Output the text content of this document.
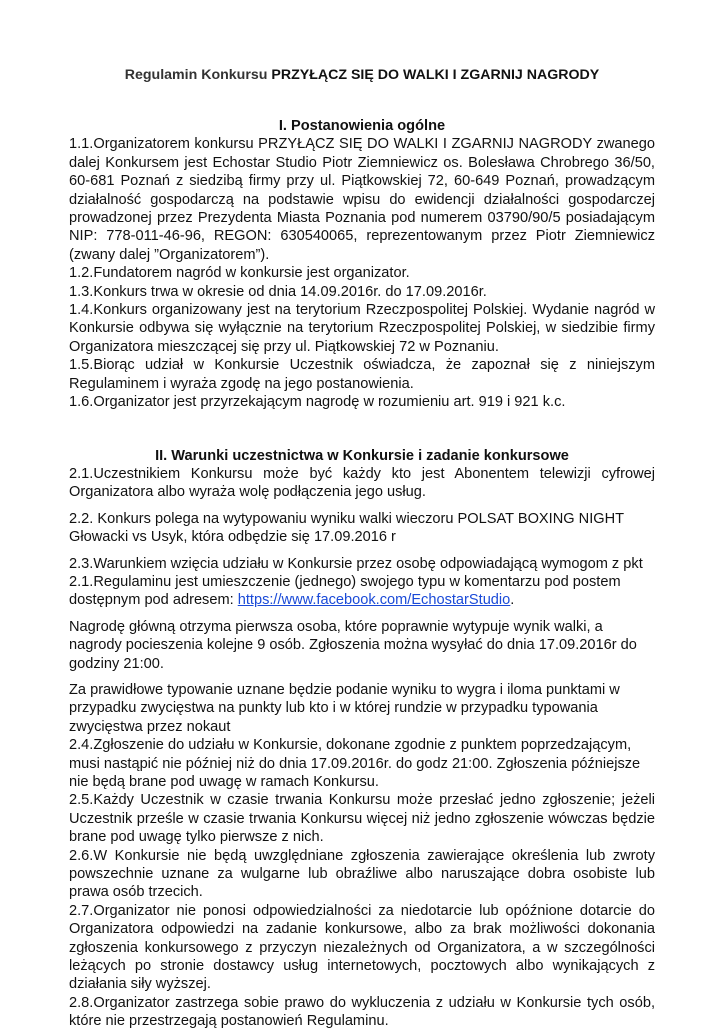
Regulamin Konkursu PRZYŁĄCZ SIĘ DO WALKI I ZGARNIJ NAGRODY
I. Postanowienia ogólne

1.1.Organizatorem konkursu PRZYŁĄCZ SIĘ DO WALKI I ZGARNIJ NAGRODY zwanego dalej Konkursem jest Echostar Studio Piotr Ziemniewicz os. Bolesława Chrobrego 36/50, 60-681 Poznań z siedzibą firmy przy ul. Piątkowskiej 72, 60-649 Poznań, prowadzącym działalność gospodarczą na podstawie wpisu do ewidencji działalności gospodarczej prowadzonej przez Prezydenta Miasta Poznania pod numerem 03790/90/5 posiadającym NIP: 778-011-46-96, REGON: 630540065, reprezentowanym przez Piotr Ziemniewicz (zwany dalej ”Organizatorem”).

1.2.Fundatorem nagród w konkursie jest organizator.

1.3.Konkurs trwa w okresie od dnia 14.09.2016r. do 17.09.2016r.

1.4.Konkurs organizowany jest na terytorium Rzeczpospolitej Polskiej. Wydanie nagród w Konkursie odbywa się wyłącznie na terytorium Rzeczpospolitej Polskiej, w siedzibie firmy Organizatora mieszczącej się przy ul. Piątkowskiej 72 w Poznaniu.

1.5.Biorąc udział w Konkursie Uczestnik oświadcza, że zapoznał się z niniejszym Regulaminem i wyraża zgodę na jego postanowienia.

1.6.Organizator jest przyrzekającym nagrodę w rozumieniu art. 919 i 921 k.c.

II. Warunki uczestnictwa w Konkursie i zadanie konkursowe

2.1.Uczestnikiem Konkursu może być każdy kto jest Abonentem telewizji cyfrowej Organizatora albo wyraża wolę podłączenia jego usług.

2.2. Konkurs polega na wytypowaniu wyniku walki wieczoru POLSAT BOXING NIGHT Głowacki vs Usyk, która odbędzie się 17.09.2016 r

2.3.Warunkiem wzięcia udziału w Konkursie przez osobę odpowiadającą wymogom z pkt 2.1.Regulaminu jest umieszczenie (jednego) swojego typu w komentarzu pod postem dostępnym pod adresem: https://www.facebook.com/EchostarStudio.

Nagrodę główną otrzyma pierwsza osoba, które poprawnie wytypuje wynik walki, a nagrody pocieszenia kolejne 9 osób. Zgłoszenia można wysyłać do dnia 17.09.2016r do godziny 21:00.

Za prawidłowe typowanie uznane będzie podanie wyniku to wygra i iloma punktami w przypadku zwycięstwa na punkty lub kto i w której rundzie w przypadku typowania zwycięstwa przez nokaut

2.4.Zgłoszenie do udziału w Konkursie, dokonane zgodnie z punktem poprzedzającym, musi nastąpić nie później niż do dnia 17.09.2016r. do godz 21:00. Zgłoszenia późniejsze nie będą brane pod uwagę w ramach Konkursu.

2.5.Każdy Uczestnik w czasie trwania Konkursu może przesłać jedno zgłoszenie; jeżeli Uczestnik prześle w czasie trwania Konkursu więcej niż jedno zgłoszenie wówczas będzie brane pod uwagę tylko pierwsze z nich.

2.6.W Konkursie nie będą uwzględniane zgłoszenia zawierające określenia lub zwroty powszechnie uznane za wulgarne lub obraźliwe albo naruszające dobra osobiste lub prawa osób trzecich.

2.7.Organizator nie ponosi odpowiedzialności za niedotarcie lub opóźnione dotarcie do Organizatora odpowiedzi na zadanie konkursowe, albo za brak możliwości dokonania zgłoszenia konkursowego z przyczyn niezależnych od Organizatora, a w szczególności leżących po stronie dostawcy usług internetowych, pocztowych albo wynikających z działania siły wyższej.

2.8.Organizator zastrzega sobie prawo do wykluczenia z udziału w Konkursie tych osób, które nie przestrzegają postanowień Regulaminu.
